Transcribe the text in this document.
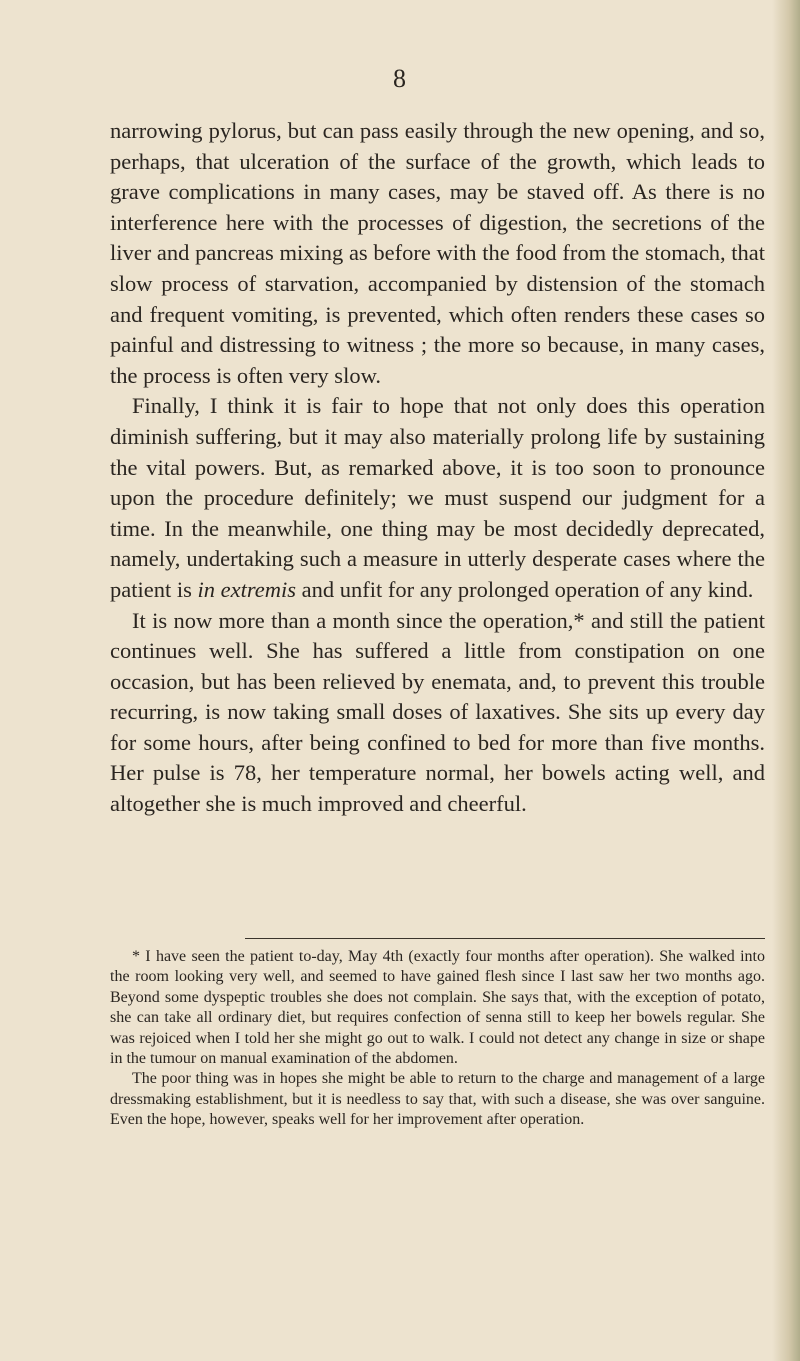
8

narrowing pylorus, but can pass easily through the new opening, and so, perhaps, that ulceration of the surface of the growth, which leads to grave complications in many cases, may be staved off. As there is no interference here with the processes of digestion, the secretions of the liver and pancreas mixing as before with the food from the stomach, that slow process of starvation, accompanied by distension of the stomach and frequent vomiting, is prevented, which often renders these cases so painful and distressing to witness ; the more so because, in many cases, the process is often very slow.

Finally, I think it is fair to hope that not only does this operation diminish suffering, but it may also materially prolong life by sustaining the vital powers. But, as remarked above, it is too soon to pronounce upon the procedure definitely; we must suspend our judgment for a time. In the meanwhile, one thing may be most decidedly deprecated, namely, undertaking such a measure in utterly desperate cases where the patient is in extremis and unfit for any prolonged operation of any kind.

It is now more than a month since the operation,* and still the patient continues well. She has suffered a little from constipation on one occasion, but has been relieved by enemata, and, to prevent this trouble recurring, is now taking small doses of laxatives. She sits up every day for some hours, after being confined to bed for more than five months. Her pulse is 78, her temperature normal, her bowels acting well, and altogether she is much improved and cheerful.

* I have seen the patient to-day, May 4th (exactly four months after operation). She walked into the room looking very well, and seemed to have gained flesh since I last saw her two months ago. Beyond some dyspeptic troubles she does not complain. She says that, with the exception of potato, she can take all ordinary diet, but requires confection of senna still to keep her bowels regular. She was rejoiced when I told her she might go out to walk. I could not detect any change in size or shape in the tumour on manual examination of the abdomen.

The poor thing was in hopes she might be able to return to the charge and management of a large dressmaking establishment, but it is needless to say that, with such a disease, she was over sanguine. Even the hope, however, speaks well for her improvement after operation.
